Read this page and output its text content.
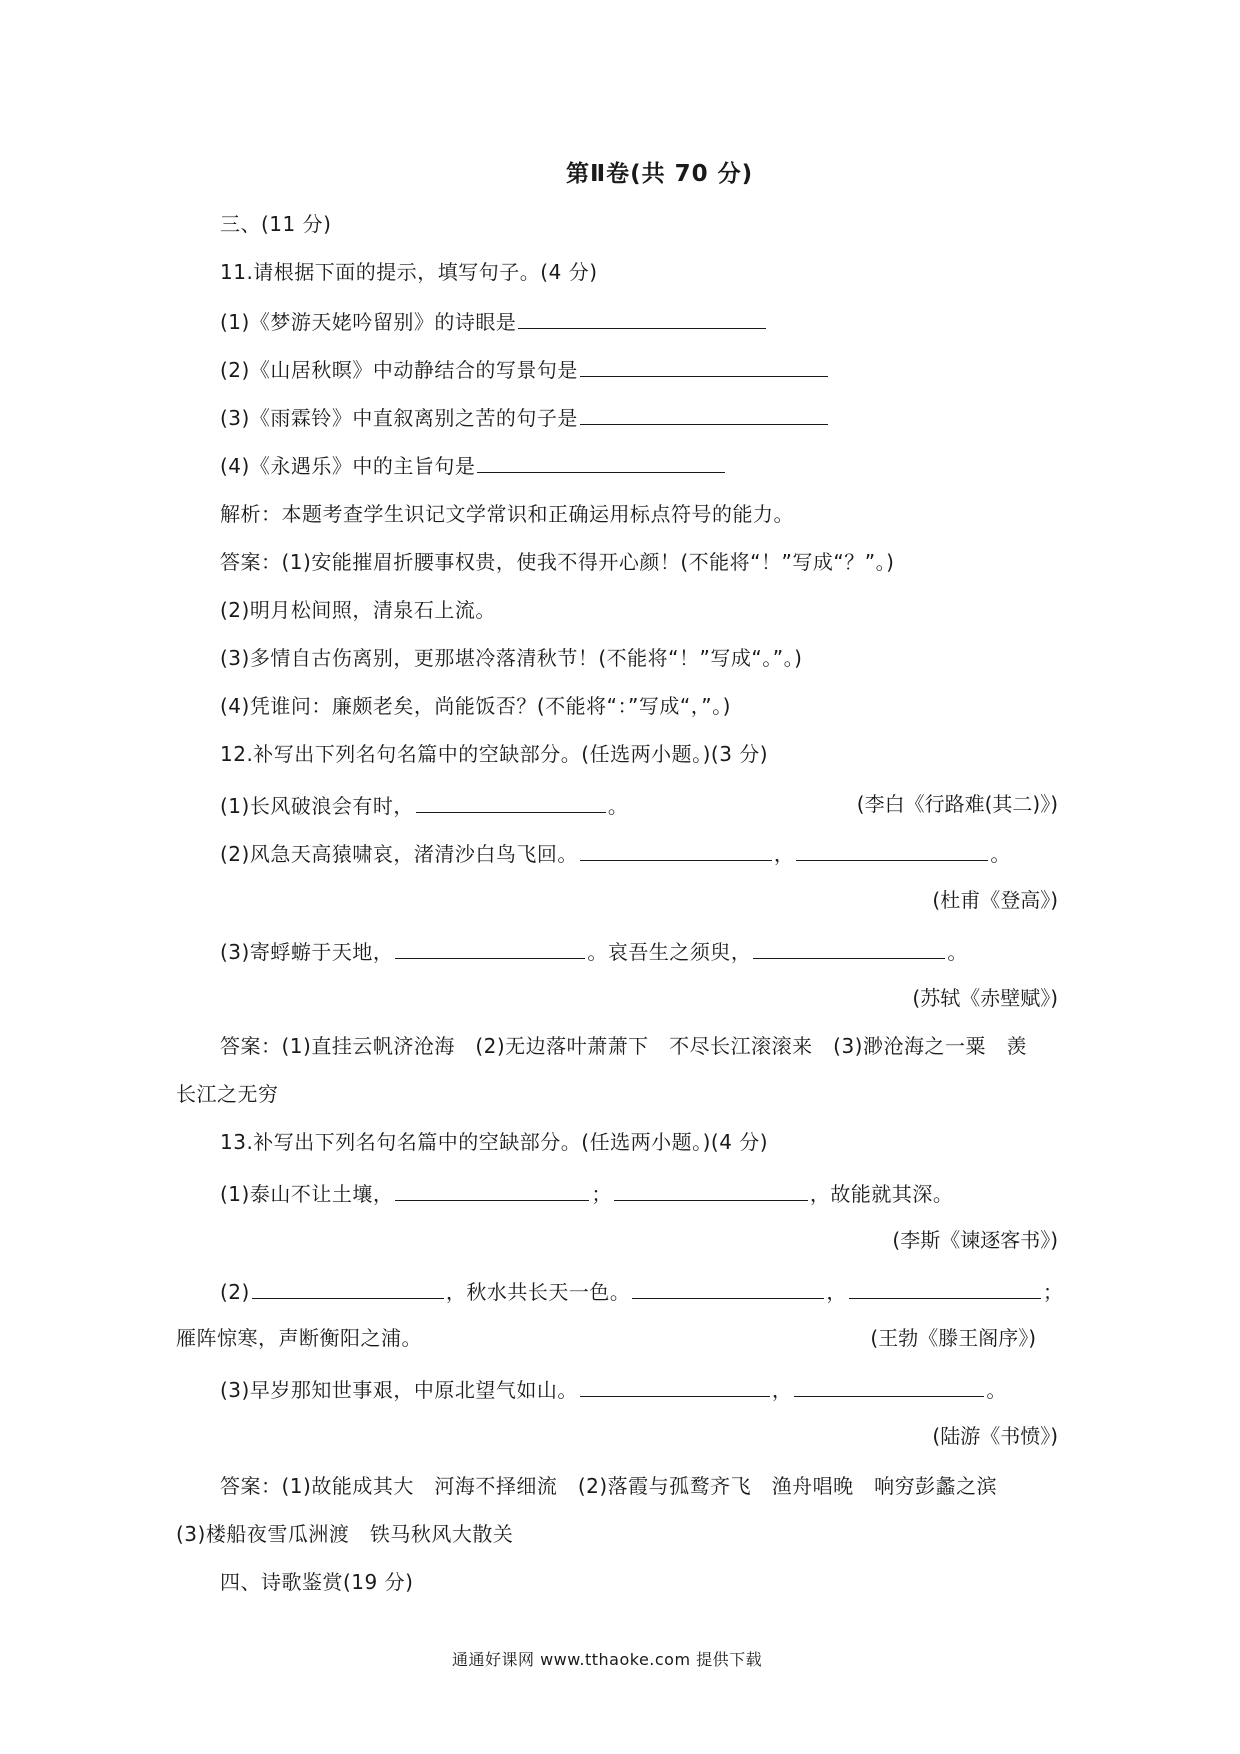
第Ⅱ卷(共 70 分)
三、(11 分)
11.请根据下面的提示，填写句子。(4 分)
(1)《梦游天姥吟留别》的诗眼是
(2)《山居秋暝》中动静结合的写景句是
(3)《雨霖铃》中直叙离别之苦的句子是
(4)《永遇乐》中的主旨句是
解析：本题考查学生识记文学常识和正确运用标点符号的能力。
答案：(1)安能摧眉折腰事权贵，使我不得开心颜！(不能将“！”写成“？”。)
(2)明月松间照，清泉石上流。
(3)多情自古伤离别，更那堪冷落清秋节！(不能将“！”写成“。”。)
(4)凭谁问：廉颇老矣，尚能饭否？(不能将“：”写成“，”。)
12.补写出下列名句名篇中的空缺部分。(任选两小题。)(3 分)
(1)长风破浪会有时，	。	(李白《行路难(其二)》)
(2)风急天高猿啸哀，渚清沙白鸟飞回。	，	。
(杜甫《登高》)
(3)寄蜉蝣于天地，	。哀吾生之须臾，	。
(苏轼《赤壁赋》)
答案：(1)直挂云帆济沧海　(2)无边落叶萧萧下　不尽长江滚滚来　(3)渺沧海之一粟　羡
长江之无穷
13.补写出下列名句名篇中的空缺部分。(任选两小题。)(4 分)
(1)泰山不让土壤，	；	，故能就其深。
(李斯《谏逐客书》)
(2)	，秋水共长天一色。	，	；
雁阵惊寒，声断衡阳之浦。	(王勃《滕王阁序》)
(3)早岁那知世事艰，中原北望气如山。	，	。
(陆游《书愤》)
答案：(1)故能成其大　河海不择细流　(2)落霞与孤鹜齐飞　渔舟唱晚　响穷彭蠡之滨
(3)楼船夜雪瓜洲渡　铁马秋风大散关
四、诗歌鉴赏(19 分)
通通好课网 www.tthaoke.com 提供下载
